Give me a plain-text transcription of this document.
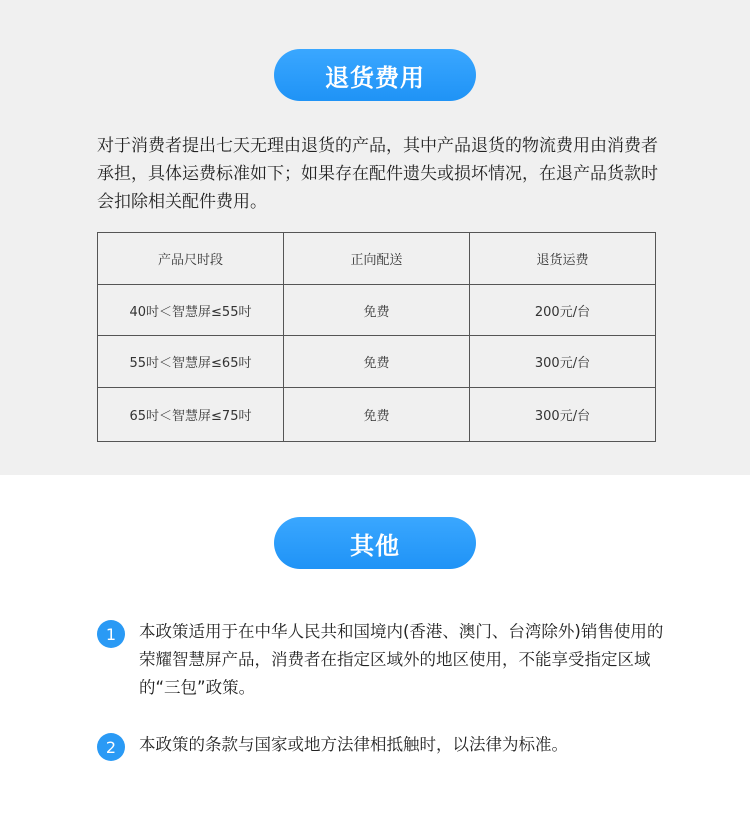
退货费用

对于消费者提出七天无理由退货的产品，其中产品退货的物流费用由消费者承担，具体运费标准如下；如果存在配件遗失或损坏情况，在退产品货款时会扣除相关配件费用。

产品尺时段	正向配送	退货运费
40吋＜智慧屏≤55吋	免费	200元/台
55吋＜智慧屏≤65吋	免费	300元/台
65吋＜智慧屏≤75吋	免费	300元/台
其他
1	本政策适用于在中华人民共和国境内(香港、澳门、台湾除外)销售使用的荣耀智慧屏产品，消费者在指定区域外的地区使用，不能享受指定区域的“三包”政策。
2	本政策的条款与国家或地方法律相抵触时，以法律为标准。
